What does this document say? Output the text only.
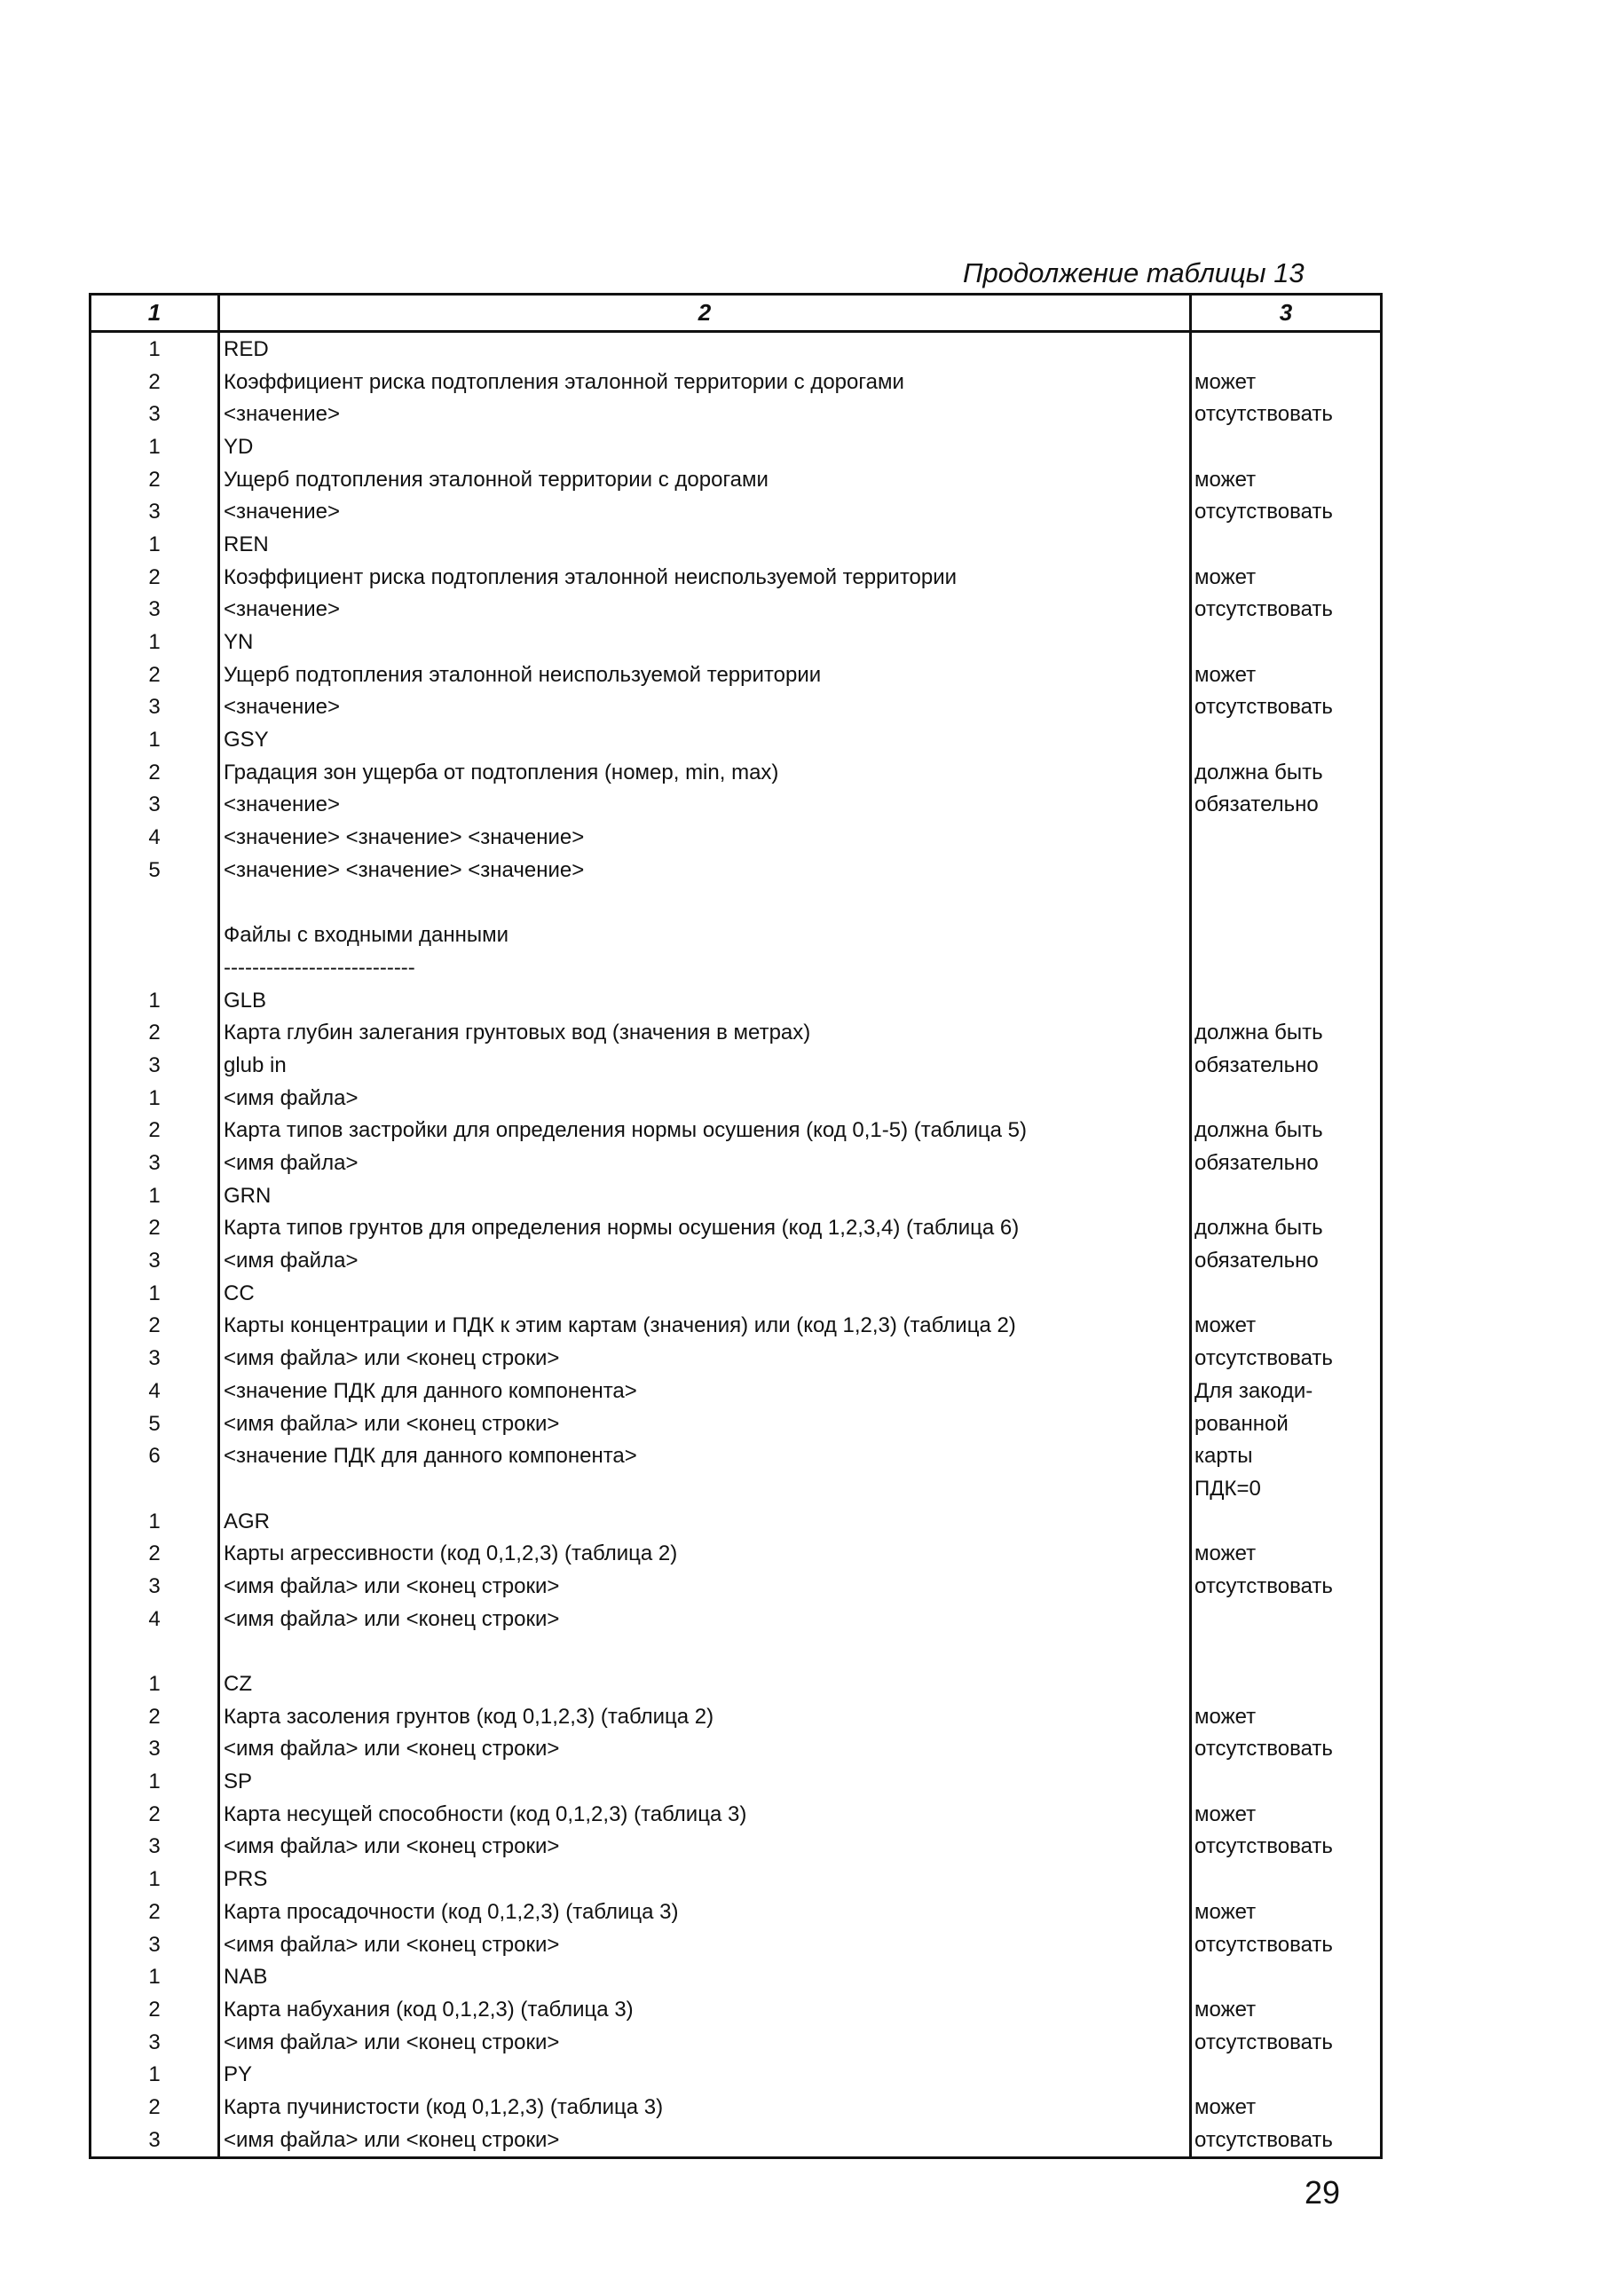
Продолжение таблицы 13
1	2	3
1	RED	
2	Коэффициент риска подтопления эталонной территории с дорогами	может
3	<значение>	отсутствовать
1	YD	
2	Ущерб подтопления эталонной территории с дорогами	может
3	<значение>	отсутствовать
1	REN	
2	Коэффициент риска подтопления эталонной неиспользуемой территории	может
3	<значение>	отсутствовать
1	YN	
2	Ущерб подтопления эталонной неиспользуемой территории	может
3	<значение>	отсутствовать
1	GSY	
2	Градация зон ущерба от подтопления (номер, min, max)	должна быть
3	<значение>	обязательно
4	<значение> <значение> <значение>	
5	<значение> <значение> <значение>	

	Файлы с входными данными	
	---------------------------	
1	GLB	
2	Карта глубин залегания грунтовых вод (значения в метрах)	должна быть
3	glub in	обязательно
1	<имя файла>	
2	Карта типов застройки для определения нормы осушения (код 0,1-5) (таблица 5)	должна быть
3	<имя файла>	обязательно
1	GRN	
2	Карта типов грунтов для определения нормы осушения (код 1,2,3,4) (таблица 6)	должна быть
3	<имя файла>	обязательно
1	CC	
2	Карты концентрации и ПДК к этим картам (значения) или (код 1,2,3) (таблица 2)	может
3	<имя файла> или <конец строки>	отсутствовать
4	<значение ПДК для данного компонента>	Для закоди-
5	<имя файла> или <конец строки>	рованной
6	<значение ПДК для данного компонента>	карты
		ПДК=0
1	AGR	
2	Карты агрессивности (код 0,1,2,3) (таблица 2)	может
3	<имя файла> или <конец строки>	отсутствовать
4	<имя файла> или <конец строки>	

1	CZ	
2	Карта засоления грунтов (код 0,1,2,3) (таблица 2)	может
3	<имя файла> или <конец строки>	отсутствовать
1	SP	
2	Карта несущей способности (код 0,1,2,3) (таблица 3)	может
3	<имя файла> или <конец строки>	отсутствовать
1	PRS	
2	Карта просадочности (код 0,1,2,3) (таблица 3)	может
3	<имя файла> или <конец строки>	отсутствовать
1	NAB	
2	Карта набухания (код 0,1,2,3) (таблица 3)	может
3	<имя файла> или <конец строки>	отсутствовать
1	PY	
2	Карта пучинистости (код 0,1,2,3) (таблица 3)	может
3	<имя файла> или <конец строки>	отсутствовать
29
